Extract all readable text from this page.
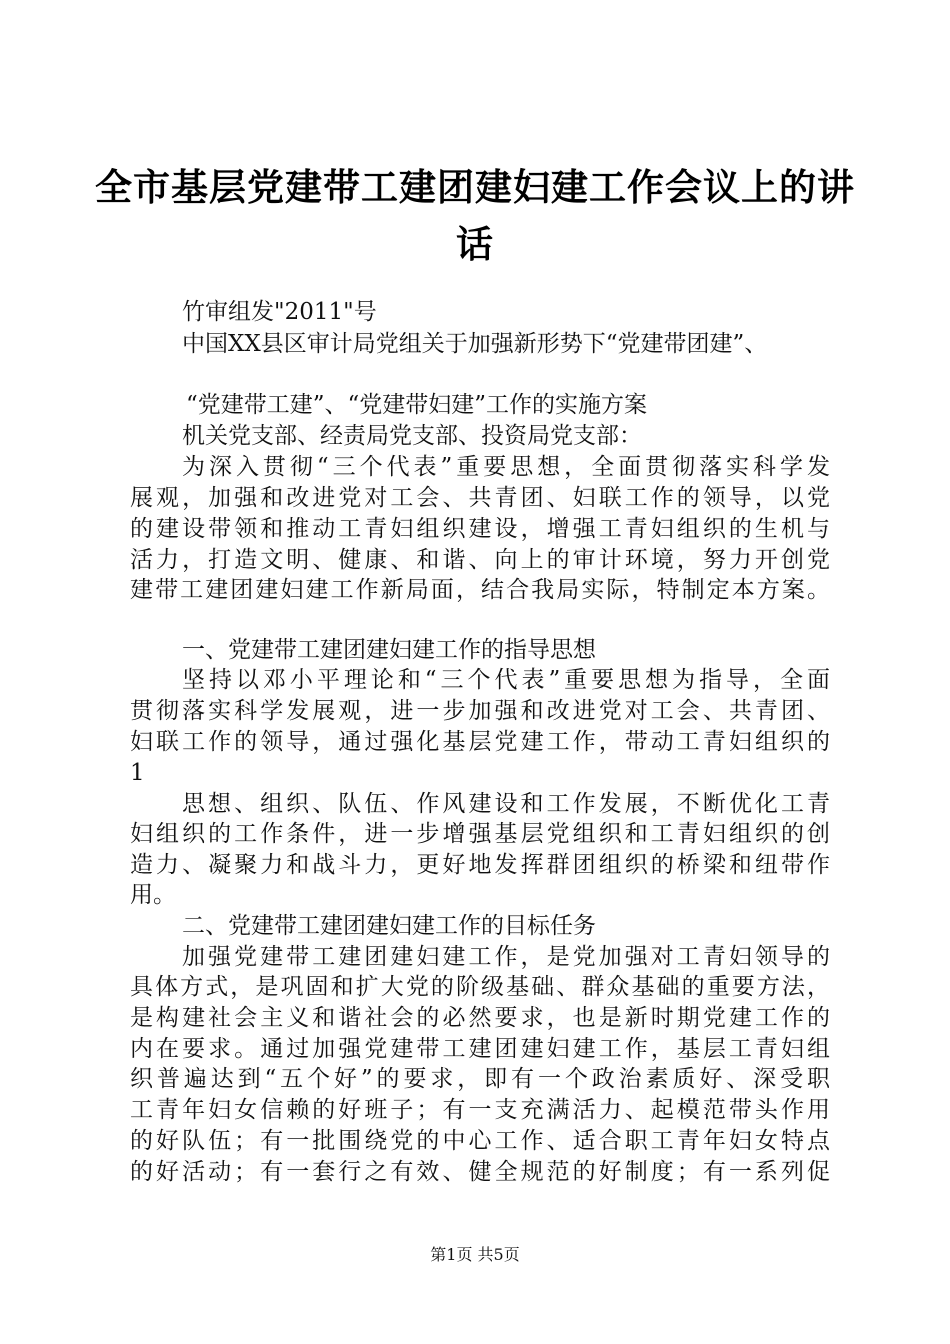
全市基层党建带工建团建妇建工作会议上的讲
话
竹审组发"2011"号
中国XX县区审计局党组关于加强新形势下“党建带团建”、
“党建带工建”、“党建带妇建”工作的实施方案
机关党支部、经责局党支部、投资局党支部：
为深入贯彻“三个代表”重要思想，全面贯彻落实科学发
展观，加强和改进党对工会、共青团、妇联工作的领导，以党
的建设带领和推动工青妇组织建设，增强工青妇组织的生机与
活力，打造文明、健康、和谐、向上的审计环境，努力开创党
建带工建团建妇建工作新局面，结合我局实际，特制定本方案。
一、党建带工建团建妇建工作的指导思想
坚持以邓小平理论和“三个代表”重要思想为指导，全面
贯彻落实科学发展观，进一步加强和改进党对工会、共青团、
妇联工作的领导，通过强化基层党建工作，带动工青妇组织的
1
思想、组织、队伍、作风建设和工作发展，不断优化工青
妇组织的工作条件，进一步增强基层党组织和工青妇组织的创
造力、凝聚力和战斗力，更好地发挥群团组织的桥梁和纽带作
用。
二、党建带工建团建妇建工作的目标任务
加强党建带工建团建妇建工作，是党加强对工青妇领导的
具体方式，是巩固和扩大党的阶级基础、群众基础的重要方法，
是构建社会主义和谐社会的必然要求，也是新时期党建工作的
内在要求。通过加强党建带工建团建妇建工作，基层工青妇组
织普遍达到“五个好”的要求，即有一个政治素质好、深受职
工青年妇女信赖的好班子；有一支充满活力、起模范带头作用
的好队伍；有一批围绕党的中心工作、适合职工青年妇女特点
的好活动；有一套行之有效、健全规范的好制度；有一系列促
第1页 共5页
